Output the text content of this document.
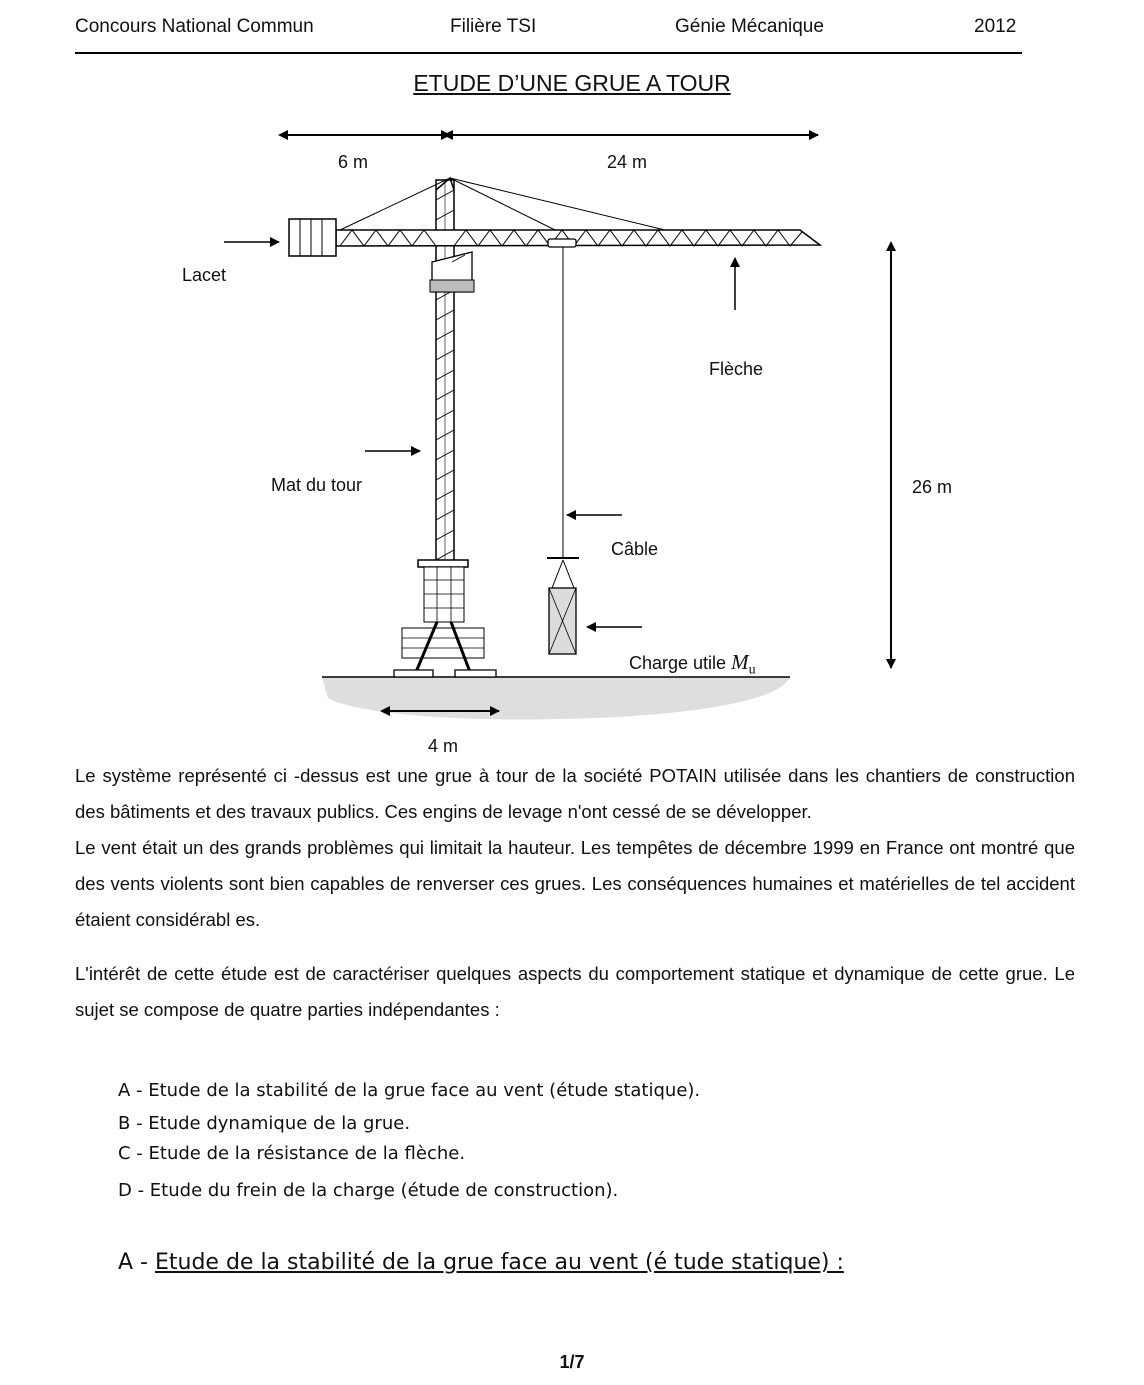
Concours National Commun	Filière TSI	Génie Mécanique	2012
ETUDE D’UNE GRUE A TOUR
6 m	24 m
Lacet
Flèche
Mat du tour	26 m
Câble
Charge utile $M_u$
4 m

Le système représenté ci -dessus est une grue à tour de la société POTAIN utilisée dans les chantiers de construction des bâtiments et des travaux publics. Ces engins de levage n'ont cessé de se développer.

Le vent était un des grands problèmes qui limitait la hauteur. Les tempêtes de décembre 1999 en France ont montré que des vents violents sont bien capables de renverser ces grues. Les conséquences humaines et matérielles de tel accident étaient considérabl es.

L'intérêt de cette étude est de caractériser quelques aspects du comportement statique et dynamique de cette grue. Le sujet se compose de quatre parties indépendantes :

A - Etude de la stabilité de la grue face au vent (étude statique).
B - Etude dynamique de la grue.
C - Etude de la résistance de la flèche.
D - Etude du frein de la charge (étude de construction).
A - Etude de la stabilité de la grue face au vent (é tude statique) :
1/7
